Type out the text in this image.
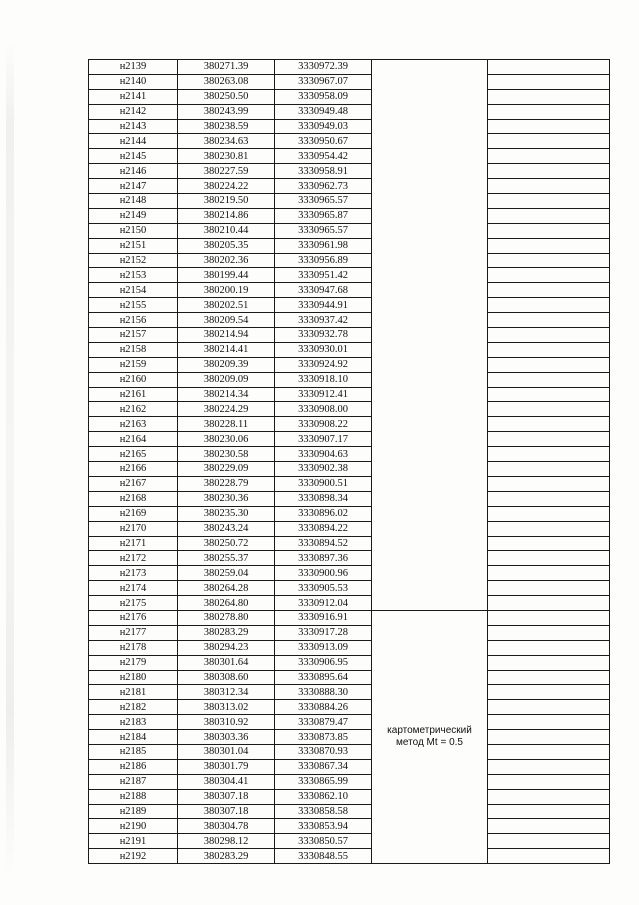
н2139	380271.39	3330972.39	

н2140	380263.08	3330967.07		
н2141	380250.50	3330958.09		
н2142	380243.99	3330949.48		
н2143	380238.59	3330949.03		
н2144	380234.63	3330950.67		
н2145	380230.81	3330954.42		
н2146	380227.59	3330958.91		
н2147	380224.22	3330962.73		
н2148	380219.50	3330965.57		
н2149	380214.86	3330965.87		
н2150	380210.44	3330965.57		
н2151	380205.35	3330961.98		
н2152	380202.36	3330956.89		
н2153	380199.44	3330951.42		
н2154	380200.19	3330947.68		
н2155	380202.51	3330944.91		
н2156	380209.54	3330937.42		
н2157	380214.94	3330932.78		
н2158	380214.41	3330930.01		
н2159	380209.39	3330924.92		
н2160	380209.09	3330918.10		
н2161	380214.34	3330912.41		
н2162	380224.29	3330908.00		
н2163	380228.11	3330908.22		
н2164	380230.06	3330907.17		
н2165	380230.58	3330904.63		
н2166	380229.09	3330902.38		
н2167	380228.79	3330900.51		
н2168	380230.36	3330898.34		
н2169	380235.30	3330896.02		
н2170	380243.24	3330894.22		
н2171	380250.72	3330894.52		
н2172	380255.37	3330897.36		
н2173	380259.04	3330900.96		
н2174	380264.28	3330905.53		
н2175	380264.80	3330912.04		
н2176	380278.80	3330916.91	картометрический
метод Mt = 0.5	

н2177	380283.29	3330917.28		
н2178	380294.23	3330913.09		
н2179	380301.64	3330906.95		
н2180	380308.60	3330895.64		
н2181	380312.34	3330888.30		
н2182	380313.02	3330884.26		
н2183	380310.92	3330879.47		
н2184	380303.36	3330873.85		
н2185	380301.04	3330870.93		
н2186	380301.79	3330867.34		
н2187	380304.41	3330865.99		
н2188	380307.18	3330862.10		
н2189	380307.18	3330858.58		
н2190	380304.78	3330853.94		
н2191	380298.12	3330850.57		
н2192	380283.29	3330848.55		
